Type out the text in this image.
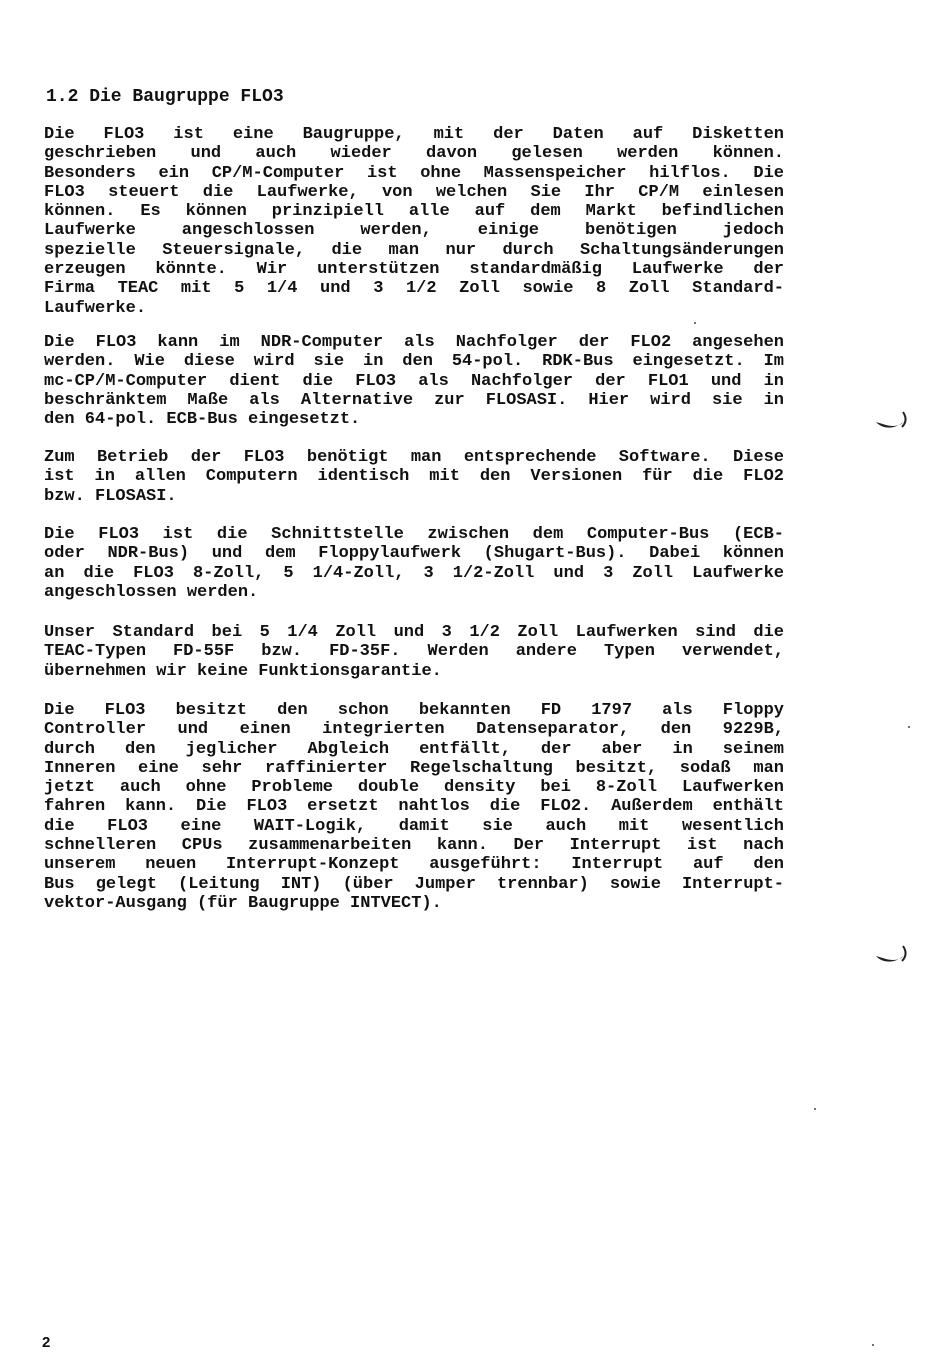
1.2 Die Baugruppe FLO3
Die FLO3 ist eine Baugruppe, mit der Daten auf Disketten
geschrieben und auch wieder davon gelesen werden können.
Besonders ein CP/M-Computer ist ohne Massenspeicher hilflos. Die
FLO3 steuert die Laufwerke, von welchen Sie Ihr CP/M einlesen
können. Es können prinzipiell alle auf dem Markt befindlichen
Laufwerke angeschlossen werden, einige benötigen jedoch
spezielle Steuersignale, die man nur durch Schaltungsänderungen
erzeugen könnte. Wir unterstützen standardmäßig Laufwerke der
Firma TEAC mit 5 1/4 und 3 1/2 Zoll sowie 8 Zoll Standard-
Laufwerke.
Die FLO3 kann im NDR-Computer als Nachfolger der FLO2 angesehen
werden. Wie diese wird sie in den 54-pol. RDK-Bus eingesetzt. Im
mc-CP/M-Computer dient die FLO3 als Nachfolger der FLO1 und in
beschränktem Maße als Alternative zur FLOSASI. Hier wird sie in
den 64-pol. ECB-Bus eingesetzt.
Zum Betrieb der FLO3 benötigt man entsprechende Software. Diese
ist in allen Computern identisch mit den Versionen für die FLO2
bzw. FLOSASI.
Die FLO3 ist die Schnittstelle zwischen dem Computer-Bus (ECB-
oder NDR-Bus) und dem Floppylaufwerk (Shugart-Bus). Dabei können
an die FLO3 8-Zoll, 5 1/4-Zoll, 3 1/2-Zoll und 3 Zoll Laufwerke
angeschlossen werden.
Unser Standard bei 5 1/4 Zoll und 3 1/2 Zoll Laufwerken sind die
TEAC-Typen FD-55F bzw. FD-35F. Werden andere Typen verwendet,
übernehmen wir keine Funktionsgarantie.
Die FLO3 besitzt den schon bekannten FD 1797 als Floppy
Controller und einen integrierten Datenseparator, den 9229B,
durch den jeglicher Abgleich entfällt, der aber in seinem
Inneren eine sehr raffinierter Regelschaltung besitzt, sodaß man
jetzt auch ohne Probleme double density bei 8-Zoll Laufwerken
fahren kann. Die FLO3 ersetzt nahtlos die FLO2. Außerdem enthält
die FLO3 eine WAIT-Logik, damit sie auch mit wesentlich
schnelleren CPUs zusammenarbeiten kann. Der Interrupt ist nach
unserem neuen Interrupt-Konzept ausgeführt: Interrupt auf den
Bus gelegt (Leitung INT) (über Jumper trennbar) sowie Interrupt-
vektor-Ausgang (für Baugruppe INTVECT).
2
